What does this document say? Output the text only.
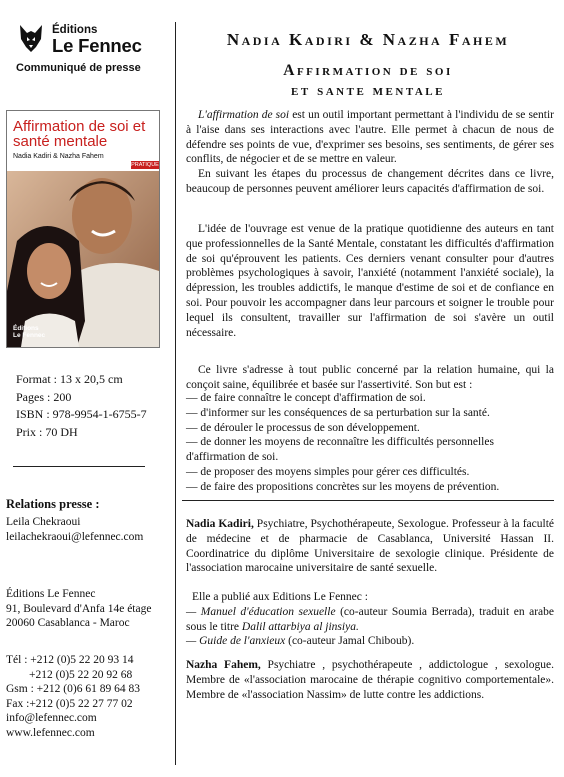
Éditions
Le Fennec
Communiqué de presse
Affirmation de soi et santé mentale
Nadia Kadiri & Nazha Fahem
PRATIQUE
Éditions
Le Fennec
Format : 13 x 20,5 cm
Pages : 200
ISBN : 978-9954-1-6755-7
Prix : 70 DH
Relations presse :
Leila Chekraoui
leilachekraoui@lefennec.com
Éditions Le Fennec
91, Boulevard d'Anfa 14e étage
20060 Casablanca - Maroc
Tél : +212 (0)5 22 20 93 14
+212 (0)5 22 20 92 68
Gsm : +212 (0)6 61 89 64 83
Fax :+212 (0)5 22 27 77 02
info@lefennec.com
www.lefennec.com
Nadia Kadiri & Nazha Fahem
Affirmation de soi
et sante mentale
L'affirmation de soi est un outil important permettant à l'individu de se sentir à l'aise dans ses interactions avec l'autre. Elle permet à chacun de nous de défendre ses points de vue, d'exprimer ses besoins, ses sentiments, de gérer ses conflits, de négocier et de se mettre en valeur.
En suivant les étapes du processus de changement décrites dans ce livre, beaucoup de personnes peuvent améliorer leurs capacités d'affirmation de soi.
L'idée de l'ouvrage est venue de la pratique quotidienne des auteurs en tant que professionnelles de la Santé Mentale, constatant les difficultés d'affirmation de soi qu'éprouvent les patients. Ces derniers venant consulter pour d'autres problèmes psychologiques à savoir, l'anxiété (notamment l'anxiété sociale), la dépression, les troubles addictifs, le manque d'estime de soi et de confiance en soi. Pour pouvoir les accompagner dans leur parcours et soigner le trouble pour lequel ils consultent, travailler sur l'affirmation de soi s'avère un outil nécessaire.
Ce livre s'adresse à tout public concerné par la relation humaine, qui la conçoit saine, équilibrée et basée sur l'assertivité. Son but est :
— de faire connaître le concept d'affirmation de soi.
— d'informer sur les conséquences de sa perturbation sur la santé.
— de dérouler le processus de son développement.
— de donner les moyens de reconnaître les difficultés personnelles d'affirmation de soi.
— de proposer des moyens simples pour gérer ces difficultés.
— de faire des propositions concrètes sur les moyens de prévention.
Nadia Kadiri, Psychiatre, Psychothérapeute, Sexologue. Professeur à la faculté de médecine et de pharmacie de Casablanca, Université Hassan II. Coordinatrice du diplôme Universitaire de sexologie clinique. Présidente de l'association marocaine universitaire de santé sexuelle.
Elle a publié aux Editions Le Fennec :
— Manuel d'éducation sexuelle (co-auteur Soumia Berrada), traduit en arabe sous le titre Dalil attarbiya al jinsiya.
— Guide de l'anxieux (co-auteur Jamal Chiboub).
Nazha Fahem, Psychiatre , psychothérapeute , addictologue , sexologue. Membre de «l'association marocaine de thérapie cognitivo comportementale». Membre de «l'association Nassim» de lutte contre les addictions.
